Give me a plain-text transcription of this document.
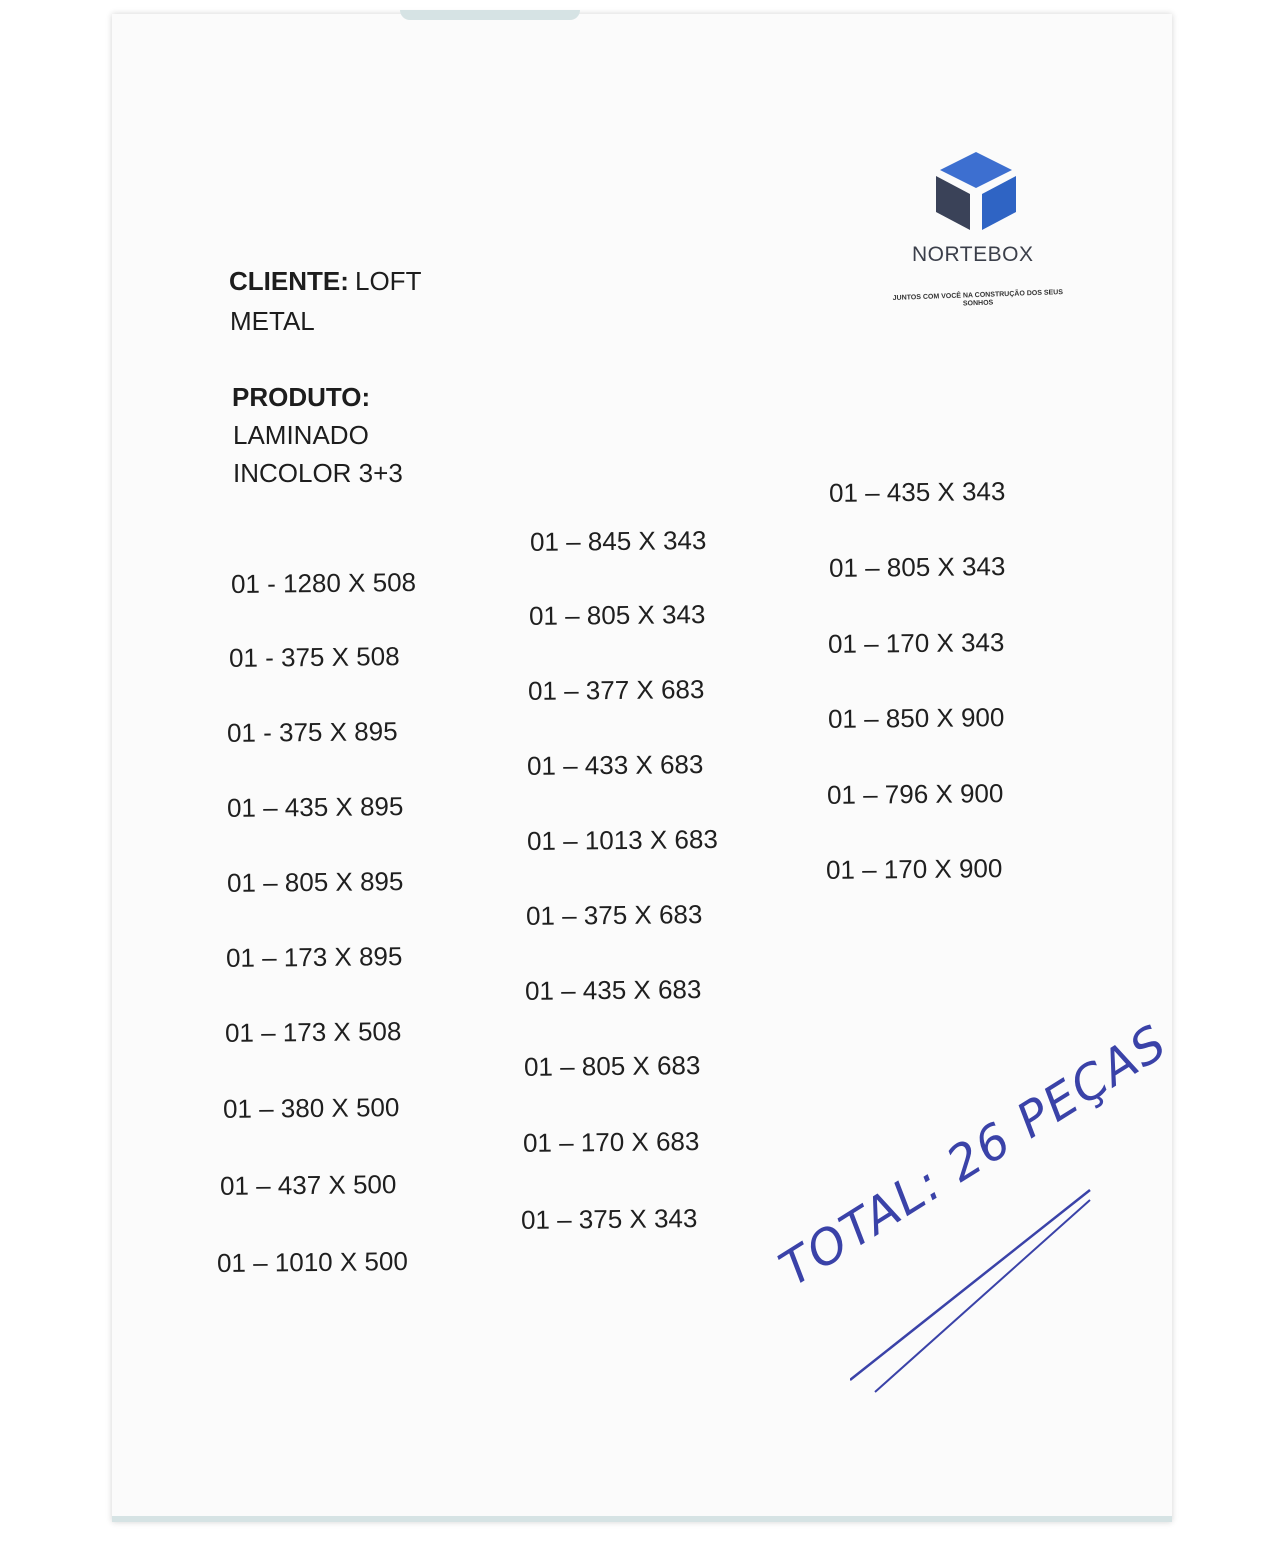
NORTEBOX
JUNTOS COM VOCÊ NA CONSTRUÇÃO DOS SEUS SONHOS
CLIENTE: LOFT
METAL
PRODUTO:
LAMINADO
INCOLOR 3+3
01 - 1280 X 508
01 - 375 X 508
01 - 375 X 895
01 – 435 X 895
01 – 805 X 895
01 – 173 X 895
01 – 173 X 508
01 – 380 X 500
01 – 437 X 500
01 – 1010 X 500
01 – 845 X 343
01 – 805 X 343
01 – 377 X 683
01 – 433 X 683
01 – 1013 X 683
01 – 375 X 683
01 – 435 X 683
01 – 805 X 683
01 – 170 X 683
01 – 375 X 343
01 – 435 X 343
01 – 805 X 343
01 – 170 X 343
01 – 850 X 900
01 – 796 X 900
01 – 170 X 900
TOTAL: 26 PEÇAS
